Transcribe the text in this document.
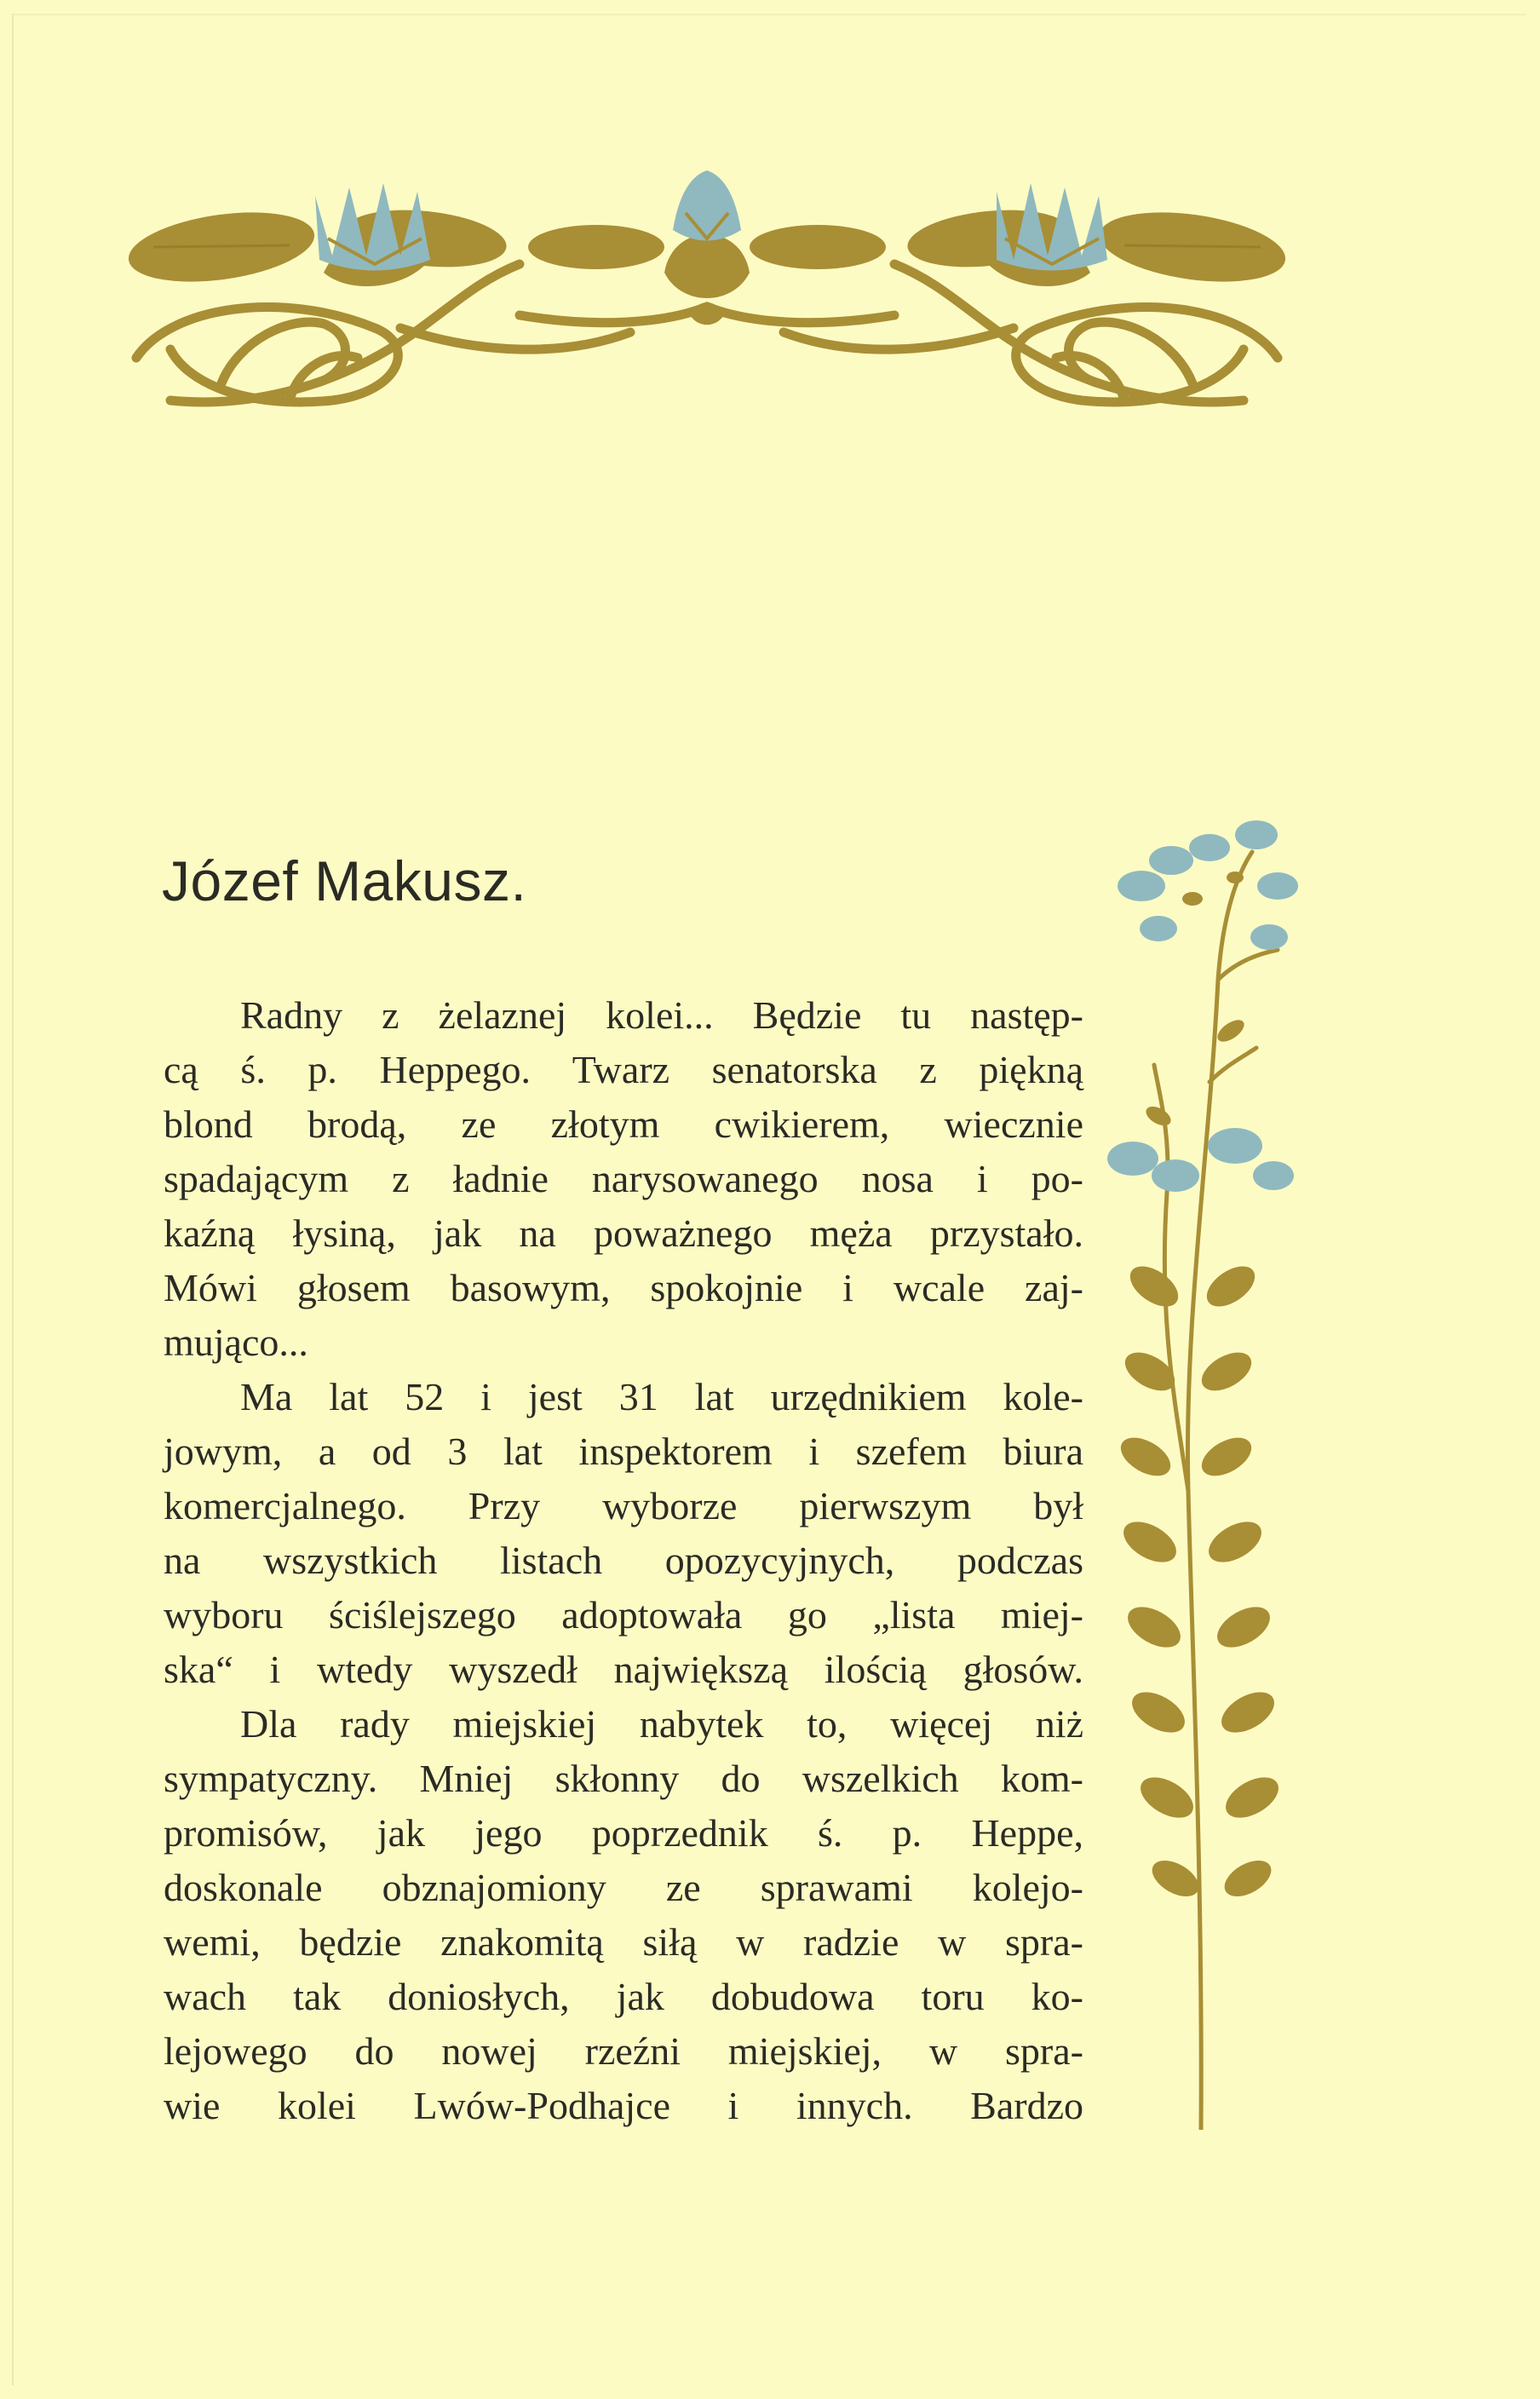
Józef Makusz.
Radny z żelaznej kolei... Będzie tu następ-
cą ś. p. Heppego. Twarz senatorska z piękną
blond brodą, ze złotym cwikierem, wiecznie
spadającym z ładnie narysowanego nosa i po-
kaźną łysiną, jak na poważnego męża przystało.
Mówi głosem basowym, spokojnie i wcale zaj-
mująco...
Ma lat 52 i jest 31 lat urzędnikiem kole-
jowym, a od 3 lat inspektorem i szefem biura
komercjalnego. Przy wyborze pierwszym był
na wszystkich listach opozycyjnych, podczas
wyboru ściślejszego adoptowała go „lista miej-
ska“ i wtedy wyszedł największą ilością głosów.
Dla rady miejskiej nabytek to, więcej niż
sympatyczny. Mniej skłonny do wszelkich kom-
promisów, jak jego poprzednik ś. p. Heppe,
doskonale obznajomiony ze sprawami kolejo-
wemi, będzie znakomitą siłą w radzie w spra-
wach tak doniosłych, jak dobudowa toru ko-
lejowego do nowej rzeźni miejskiej, w spra-
wie kolei Lwów-Podhajce i innych. Bardzo
